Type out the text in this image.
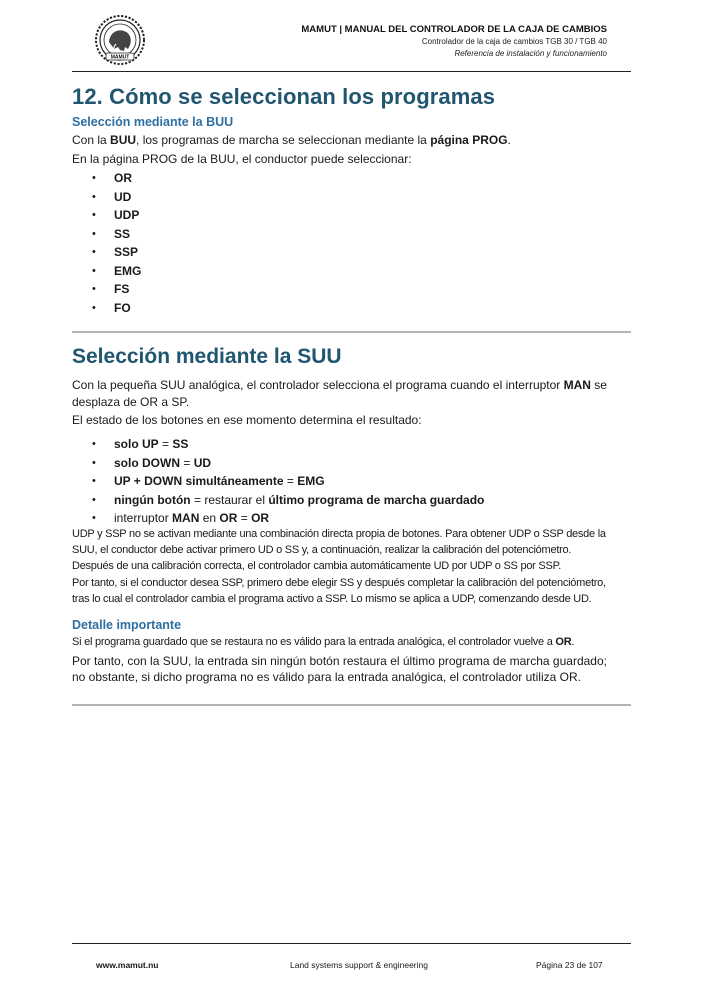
MAMUT
MAMUT | MANUAL DEL CONTROLADOR DE LA CAJA DE CAMBIOS
Controlador de la caja de cambios TGB 30 / TGB 40
Referencia de instalación y funcionamiento
12. Cómo se seleccionan los programas
Selección mediante la BUU
Con la BUU, los programas de marcha se seleccionan mediante la página PROG.
En la página PROG de la BUU, el conductor puede seleccionar:
• OR
• UD
• UDP
• SS
• SSP
• EMG
• FS
• FO
Selección mediante la SUU
Con la pequeña SUU analógica, el controlador selecciona el programa cuando el interruptor MAN se desplaza de OR a SP.
El estado de los botones en ese momento determina el resultado:
• solo UP = SS
• solo DOWN = UD
• UP + DOWN simultáneamente = EMG
• ningún botón = restaurar el último programa de marcha guardado
• interruptor MAN en OR = OR
UDP y SSP no se activan mediante una combinación directa propia de botones. Para obtener UDP o SSP desde la
SUU, el conductor debe activar primero UD o SS y, a continuación, realizar la calibración del potenciómetro.
Después de una calibración correcta, el controlador cambia automáticamente UD por UDP o SS por SSP.
Por tanto, si el conductor desea SSP, primero debe elegir SS y después completar la calibración del potenciómetro,
tras lo cual el controlador cambia el programa activo a SSP. Lo mismo se aplica a UDP, comenzando desde UD.
Detalle importante
Si el programa guardado que se restaura no es válido para la entrada analógica, el controlador vuelve a OR.
Por tanto, con la SUU, la entrada sin ningún botón restaura el último programa de marcha guardado;
no obstante, si dicho programa no es válido para la entrada analógica, el controlador utiliza OR.
www.mamut.nu	Land systems support & engineering	Página 23 de 107
